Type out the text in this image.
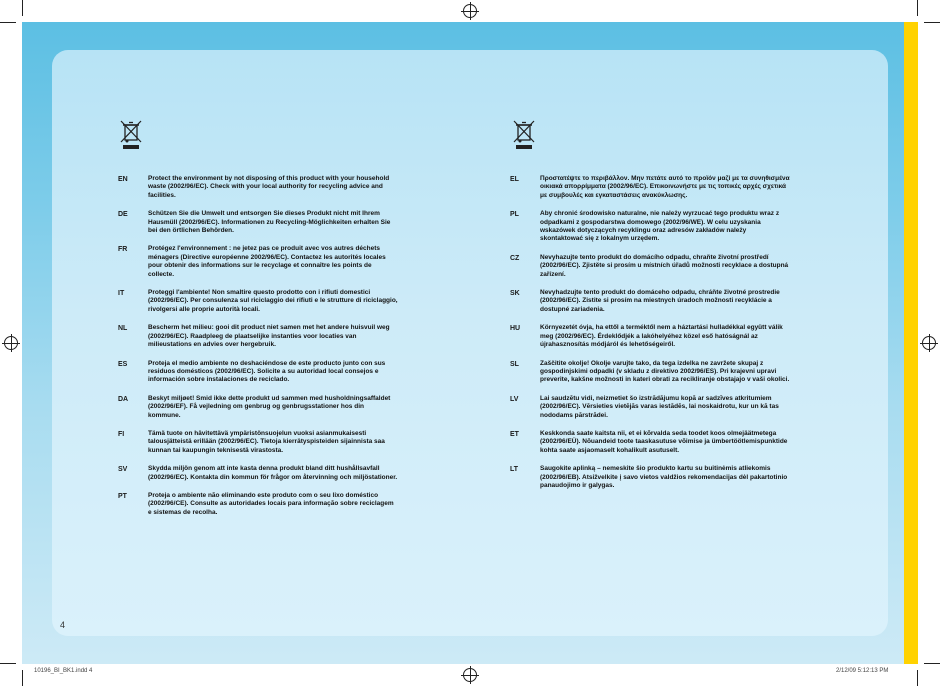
EN	Protect the environment by not disposing of this product with your household waste (2002/96/EC). Check with your local authority for recycling advice and facilities.
DE	Schützen Sie die Umwelt und entsorgen Sie dieses Produkt nicht mit Ihrem Hausmüll (2002/96/EC). Informationen zu Recycling-Möglichkeiten erhalten Sie bei den örtlichen Behörden.
FR	Protégez l'environnement : ne jetez pas ce produit avec vos autres déchets ménagers (Directive européenne 2002/96/EC). Contactez les autorités locales pour obtenir des informations sur le recyclage et connaître les points de collecte.
IT	Proteggi l'ambiente! Non smaltire questo prodotto con i rifiuti domestici (2002/96/EC). Per consulenza sul riciclaggio dei rifiuti e le strutture di riciclaggio, rivolgersi alle proprie autorità locali.
NL	Bescherm het milieu: gooi dit product niet samen met het andere huisvuil weg (2002/96/EC). Raadpleeg de plaatselijke instanties voor locaties van milieustations en advies over hergebruik.
ES	Proteja el medio ambiente no deshaciéndose de este producto junto con sus residuos domésticos (2002/96/EC). Solicite a su autoridad local consejos e información sobre instalaciones de reciclado.
DA	Beskyt miljøet! Smid ikke dette produkt ud sammen med husholdningsaffaldet (2002/96/EF). Få vejledning om genbrug og genbrugsstationer hos din kommune.
FI	Tämä tuote on hävitettävä ympäristönsuojelun vuoksi asianmukaisesti talousjätteistä erillään (2002/96/EC). Tietoja kierrätyspisteiden sijainnista saa kunnan tai kaupungin teknisestä virastosta.
SV	Skydda miljön genom att inte kasta denna produkt bland ditt hushållsavfall (2002/96/EC). Kontakta din kommun för frågor om återvinning och miljöstationer.
PT	Proteja o ambiente não eliminando este produto com o seu lixo doméstico (2002/96/CE). Consulte as autoridades locais para informação sobre reciclagem e sistemas de recolha.
EL	Προστατέψτε το περιβάλλον. Μην πετάτε αυτό το προϊόν μαζί με τα συνηθισμένα οικιακά απορρίμματα (2002/96/EC). Επικοινωνήστε με τις τοπικές αρχές σχετικά με συμβουλές και εγκαταστάσεις ανακύκλωσης.
PL	Aby chronić środowisko naturalne, nie należy wyrzucać tego produktu wraz z odpadkami z gospodarstwa domowego (2002/96/WE). W celu uzyskania wskazówek dotyczących recyklingu oraz adresów zakładów należy skontaktować się z lokalnym urzędem.
CZ	Nevyhazujte tento produkt do domácího odpadu, chraňte životní prostředí (2002/96/EC). Zjistěte si prosím u místních úřadů možnosti recyklace a dostupná zařízení.
SK	Nevyhadzujte tento produkt do domáceho odpadu, chráňte životné prostredie (2002/96/EC). Zistite si prosím na miestnych úradoch možnosti recyklácie a dostupné zariadenia.
HU	Környezetét óvja, ha ettől a terméktől nem a háztartási hulladékkal együtt válik meg (2002/96/EC). Érdeklődjék a lakóhelyéhez közel eső hatóságnál az újrahasznosítás módjáról és lehetőségeiről.
SL	Zaščitite okolje! Okolje varujte tako, da tega izdelka ne zavržete skupaj z gospodinjskimi odpadki (v skladu z direktivo 2002/96/ES). Pri krajevni upravi preverite, kakšne možnosti in kateri obrati za recikliranje obstajajo v vaši okolici.
LV	Lai saudzētu vidi, neizmetiet šo izstrādājumu kopā ar sadzīves atkritumiem (2002/96/EC). Vērsieties vietējās varas iestādēs, lai noskaidrotu, kur un kā tas nododams pārstrādei.
ET	Keskkonda saate kaitsta nii, et ei kõrvalda seda toodet koos olmejäätmetega (2002/96/EÜ). Nõuandeid toote taaskasutuse võimise ja ümbertöötlemispunktide kohta saate asjaomaselt kohalikult asutuselt.
LT	Saugokite aplinką – nemeskite šio produkto kartu su buitinėmis atliekomis (2002/96/EB). Atsižvelkite į savo vietos valdžios rekomendacijas dėl pakartotinio panaudojimo ir galygas.
4
10196_BI_BK1.indd 4	2/12/09 5:12:13 PM
